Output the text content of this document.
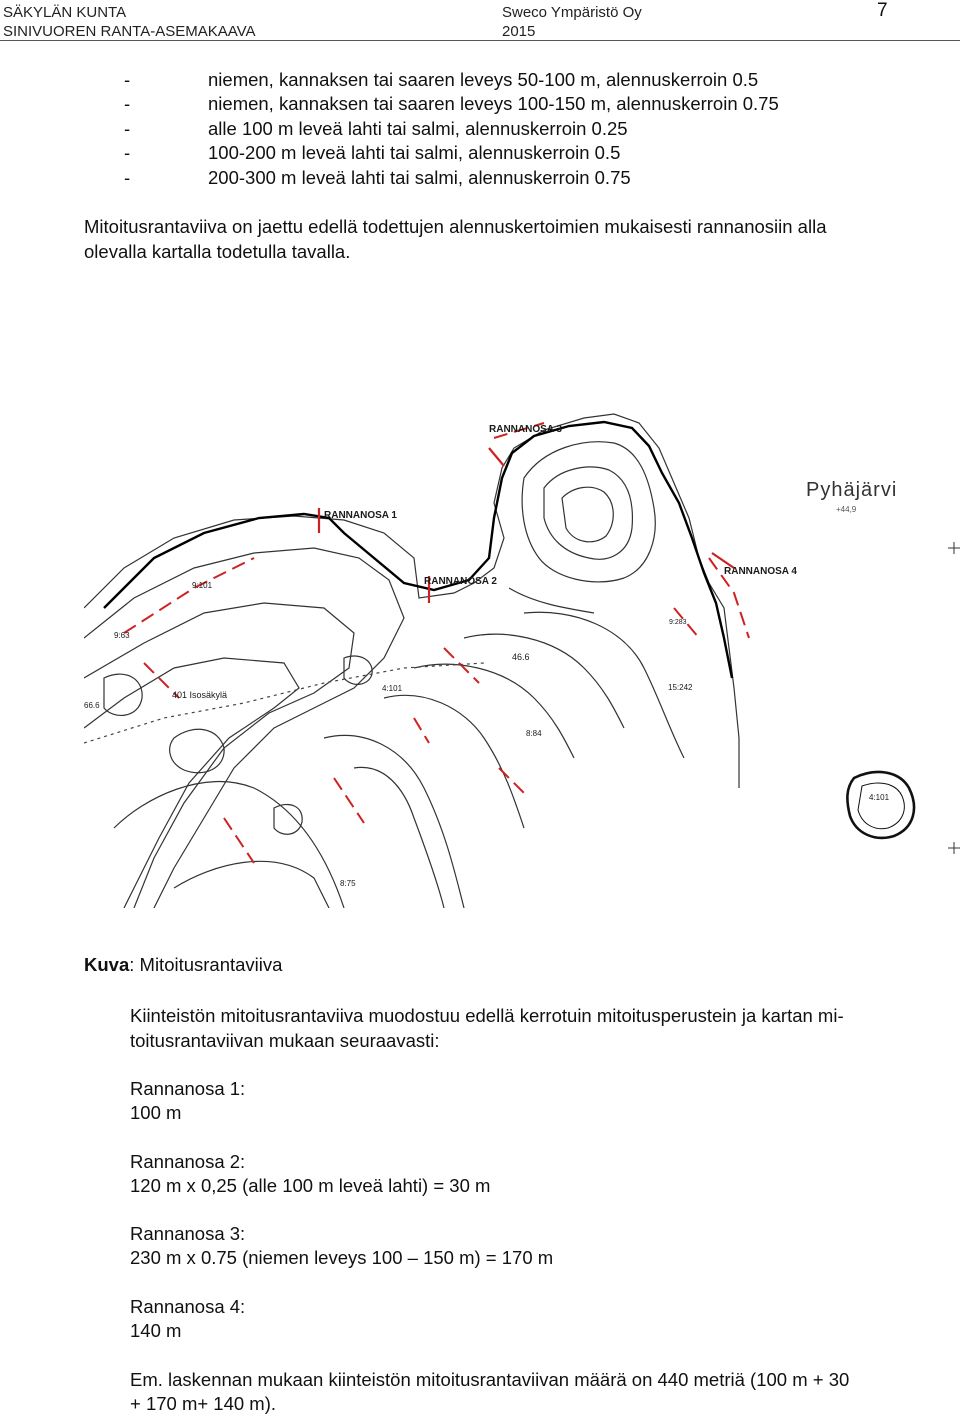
SÄKYLÄN KUNTA
SINIVUOREN RANTA-ASEMAKAAVA
Sweco Ympäristö Oy
2015
7
-	niemen, kannaksen tai saaren leveys 50-100 m, alennuskerroin 0.5
-	niemen, kannaksen tai saaren leveys 100-150 m, alennuskerroin 0.75
-	alle 100 m leveä lahti tai salmi, alennuskerroin 0.25
-	100-200 m leveä lahti tai salmi, alennuskerroin 0.5
-	200-300 m leveä lahti tai salmi, alennuskerroin 0.75
Mitoitusrantaviiva on jaettu edellä todettujen alennuskertoimien mukaisesti rannanosiin alla
olevalla kartalla todetulla tavalla.
RANNANOSA 3
RANNANOSA 1
RANNANOSA 2
RANNANOSA 4
Pyhäjärvi
+44,9
401 Isosäkylä
9:101
9:63
4:101
8:84
8:75
15:242
4:101
46.6
66.6
9:283
Kuva: Mitoitusrantaviiva
Kiinteistön mitoitusrantaviiva muodostuu edellä kerrotuin mitoitusperustein ja kartan mi-
toitusrantaviivan mukaan seuraavasti:
Rannanosa 1:
100 m
Rannanosa 2:
120 m x 0,25 (alle 100 m leveä lahti) = 30 m
Rannanosa 3:
230 m x 0.75 (niemen leveys 100 – 150 m) = 170 m
Rannanosa 4:
140 m
Em. laskennan mukaan kiinteistön mitoitusrantaviivan määrä on 440 metriä (100 m + 30
+ 170 m+ 140 m).
